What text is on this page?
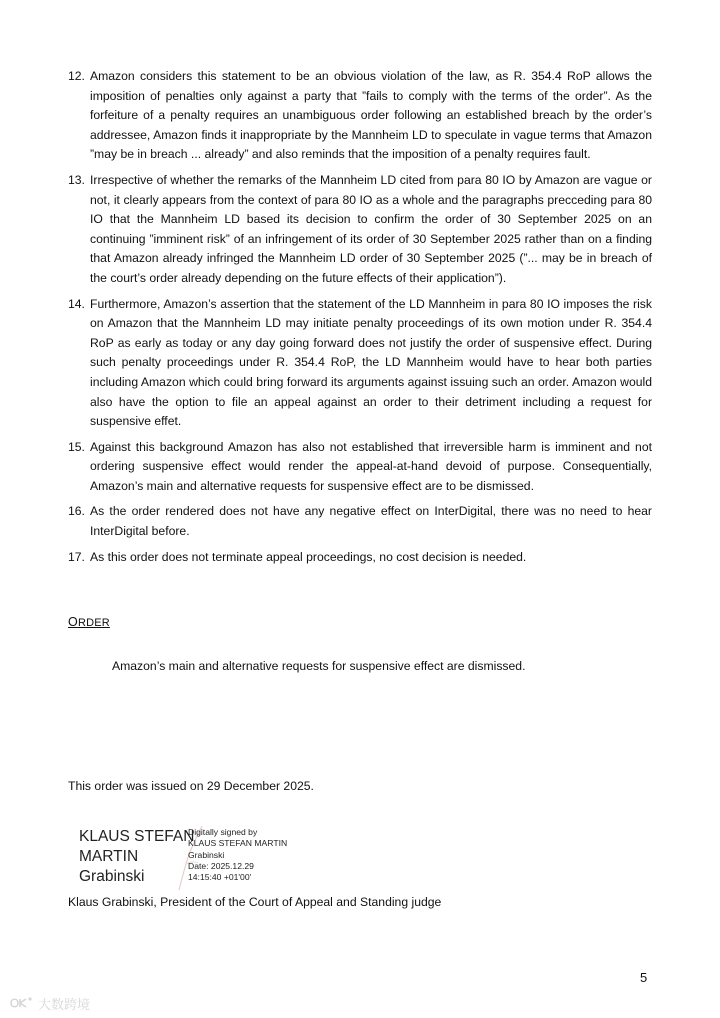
12. Amazon considers this statement to be an obvious violation of the law, as R. 354.4 RoP allows the imposition of penalties only against a party that ”fails to comply with the terms of the order”. As the forfeiture of a penalty requires an unambiguous order following an established breach by the order’s addressee, Amazon finds it inappropriate by the Mannheim LD to speculate in vague terms that Amazon ”may be in breach ... already” and also reminds that the imposition of a penalty requires fault.
13. Irrespective of whether the remarks of the Mannheim LD cited from para 80 IO by Amazon are vague or not, it clearly appears from the context of para 80 IO as a whole and the paragraphs precceding para 80 IO that the Mannheim LD based its decision to confirm the order of 30 September 2025 on an continuing ”imminent risk” of an infringement of its order of 30 September 2025 rather than on a finding that Amazon already infringed the Mannheim LD order of 30 September 2025 (”... may be in breach of the court’s order already depending on the future effects of their application”).
14. Furthermore, Amazon’s assertion that the statement of the LD Mannheim in para 80 IO imposes the risk on Amazon that the Mannheim LD may initiate penalty proceedings of its own motion under R. 354.4 RoP as early as today or any day going forward does not justify the order of suspensive effect. During such penalty proceedings under R. 354.4 RoP, the LD Mannheim would have to hear both parties including Amazon which could bring forward its arguments against issuing such an order. Amazon would also have the option to file an appeal against an order to their detriment including a request for suspensive effet.
15. Against this background Amazon has also not established that irreversible harm is imminent and not ordering suspensive effect would render the appeal-at-hand devoid of purpose. Consequentially, Amazon’s main and alternative requests for suspensive effect are to be dismissed.
16. As the order rendered does not have any negative effect on InterDigital, there was no need to hear InterDigital before.
17. As this order does not terminate appeal proceedings, no cost decision is needed.
ORDER
Amazon’s main and alternative requests for suspensive effect are dismissed.
This order was issued on 29 December 2025.
KLAUS STEFAN
MARTIN
Grabinski
Digitally signed by
KLAUS STEFAN MARTIN
Grabinski
Date: 2025.12.29
14:15:40 +01'00'
Klaus Grabinski, President of the Court of Appeal and Standing judge
5
大数跨境
